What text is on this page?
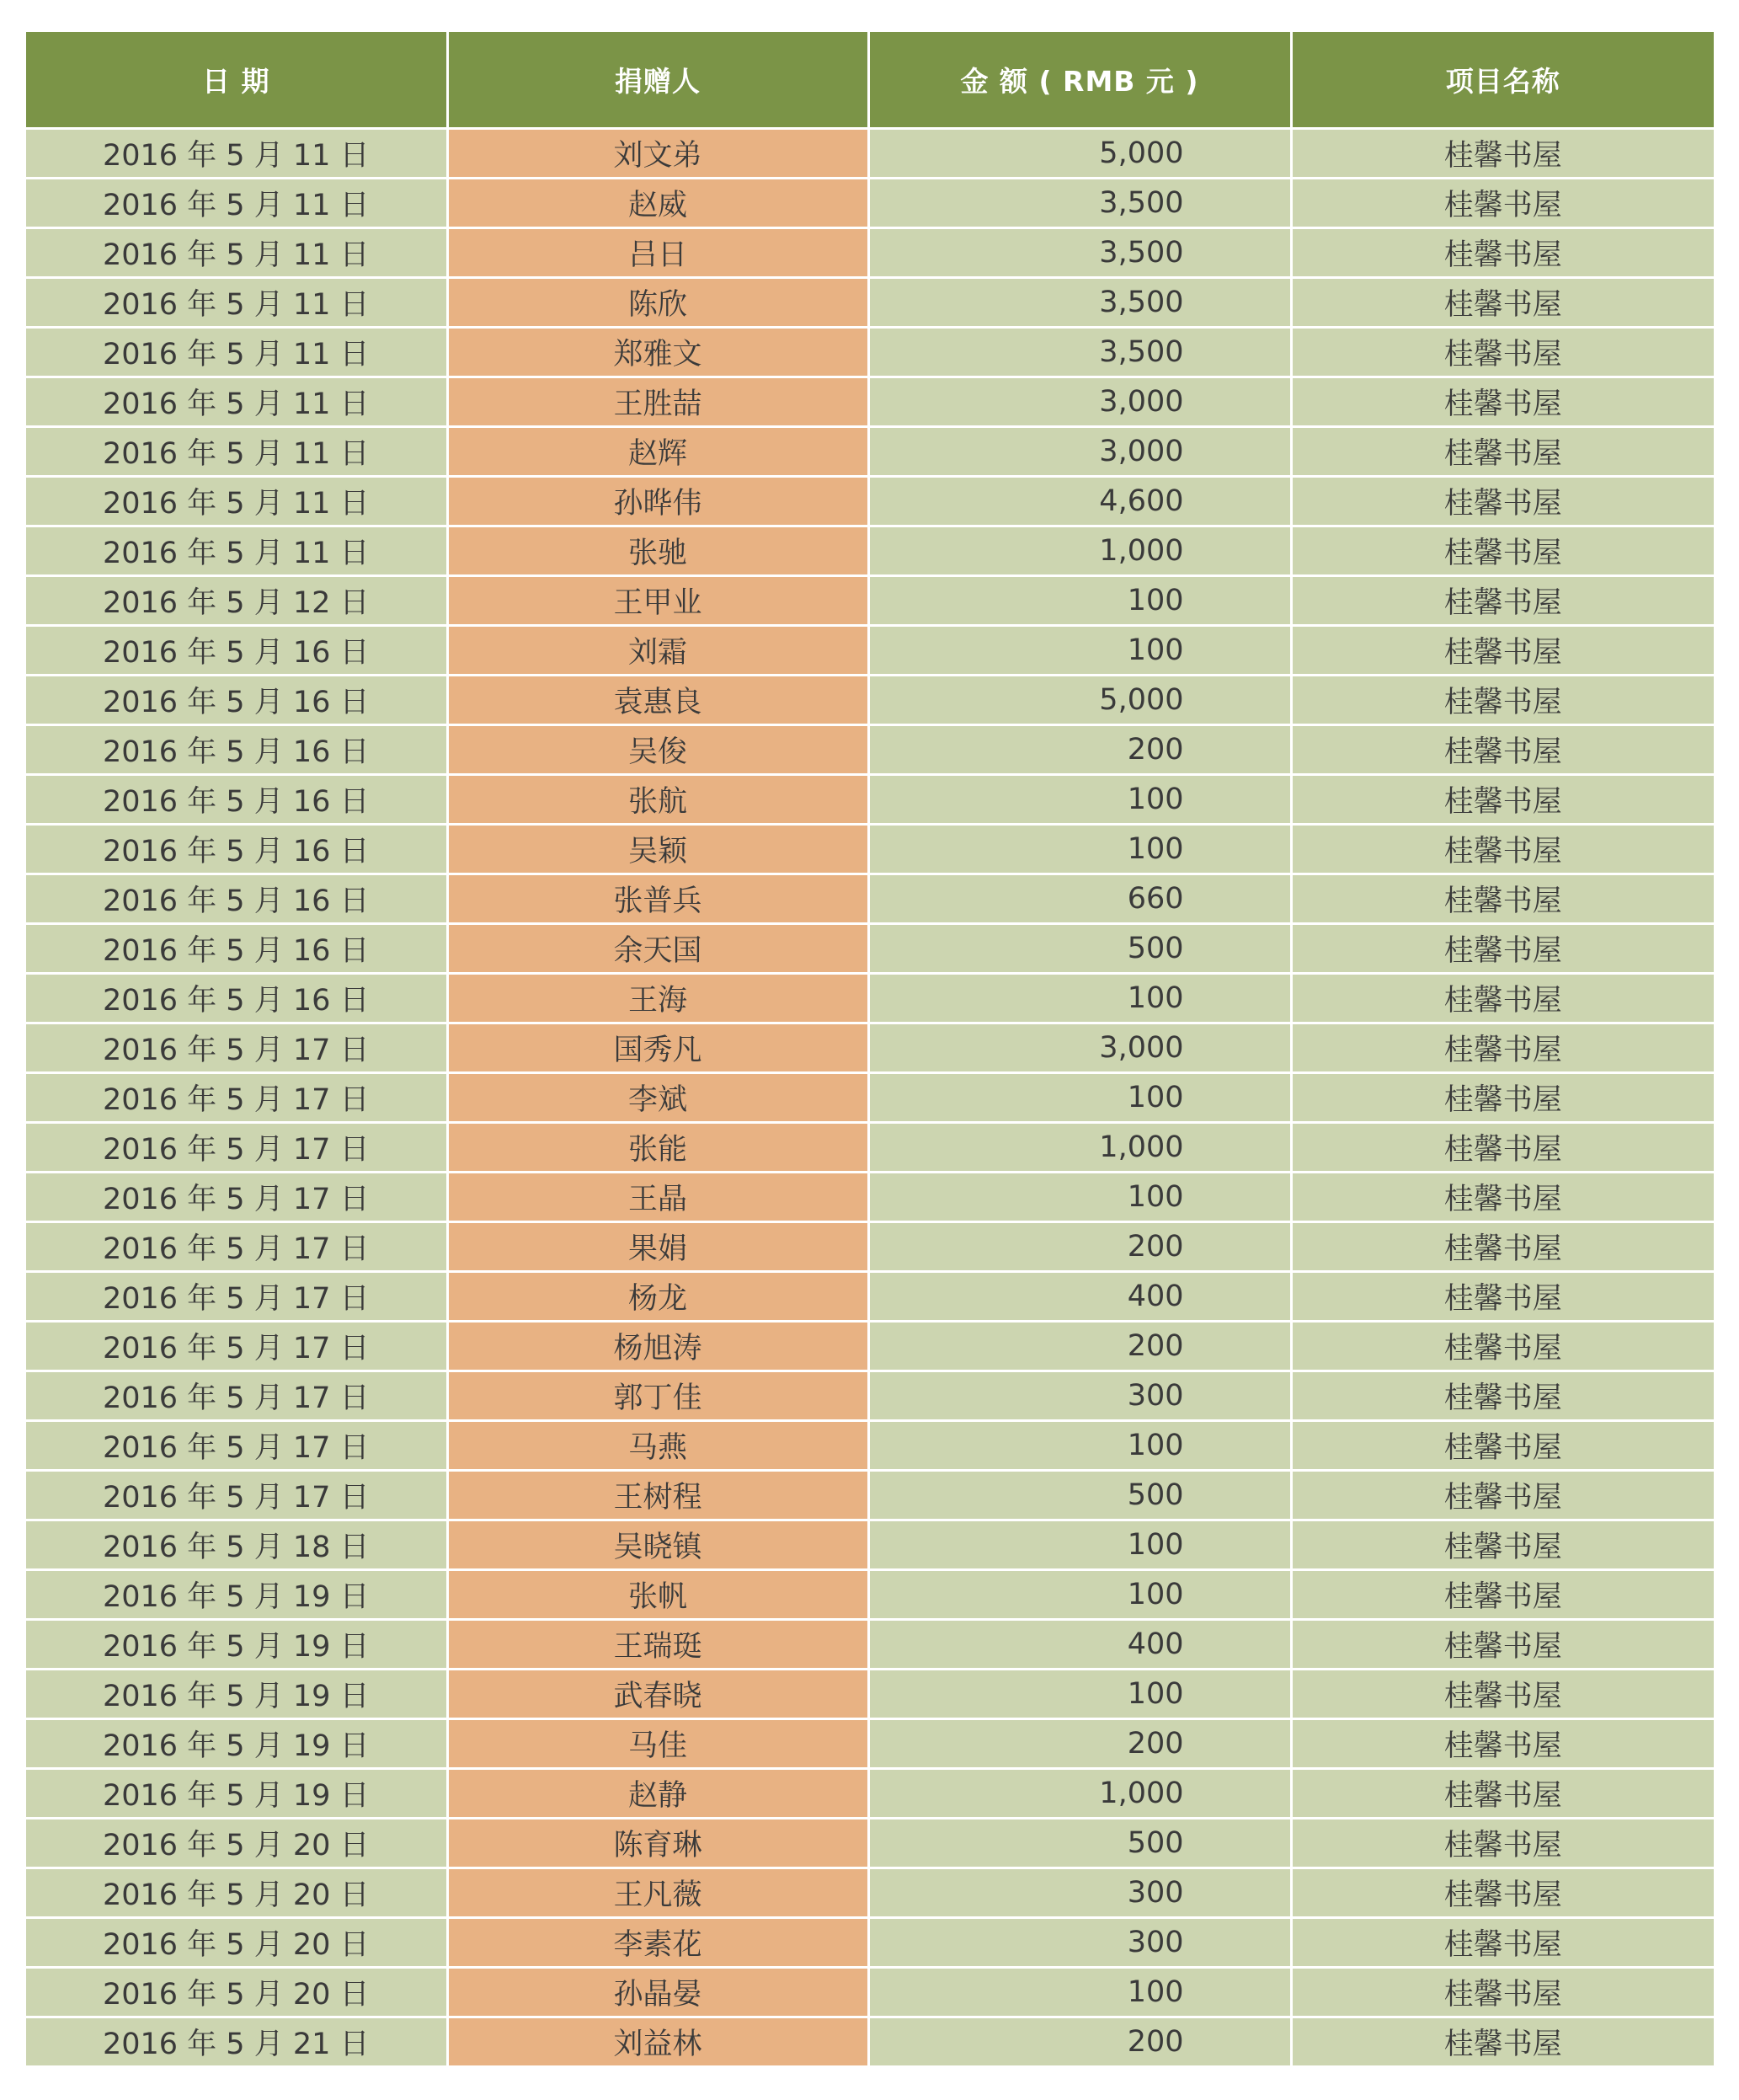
日 期	捐赠人	金 额 ( RMB 元 )	项目名称
2016 年 5 月 11 日	刘文弟	5,000	桂馨书屋
2016 年 5 月 11 日	赵威	3,500	桂馨书屋
2016 年 5 月 11 日	吕日	3,500	桂馨书屋
2016 年 5 月 11 日	陈欣	3,500	桂馨书屋
2016 年 5 月 11 日	郑雅文	3,500	桂馨书屋
2016 年 5 月 11 日	王胜喆	3,000	桂馨书屋
2016 年 5 月 11 日	赵辉	3,000	桂馨书屋
2016 年 5 月 11 日	孙晔伟	4,600	桂馨书屋
2016 年 5 月 11 日	张驰	1,000	桂馨书屋
2016 年 5 月 12 日	王甲业	100	桂馨书屋
2016 年 5 月 16 日	刘霜	100	桂馨书屋
2016 年 5 月 16 日	袁惠良	5,000	桂馨书屋
2016 年 5 月 16 日	吴俊	200	桂馨书屋
2016 年 5 月 16 日	张航	100	桂馨书屋
2016 年 5 月 16 日	吴颖	100	桂馨书屋
2016 年 5 月 16 日	张普兵	660	桂馨书屋
2016 年 5 月 16 日	余天国	500	桂馨书屋
2016 年 5 月 16 日	王海	100	桂馨书屋
2016 年 5 月 17 日	国秀凡	3,000	桂馨书屋
2016 年 5 月 17 日	李斌	100	桂馨书屋
2016 年 5 月 17 日	张能	1,000	桂馨书屋
2016 年 5 月 17 日	王晶	100	桂馨书屋
2016 年 5 月 17 日	果娟	200	桂馨书屋
2016 年 5 月 17 日	杨龙	400	桂馨书屋
2016 年 5 月 17 日	杨旭涛	200	桂馨书屋
2016 年 5 月 17 日	郭丁佳	300	桂馨书屋
2016 年 5 月 17 日	马燕	100	桂馨书屋
2016 年 5 月 17 日	王树程	500	桂馨书屋
2016 年 5 月 18 日	吴晓镇	100	桂馨书屋
2016 年 5 月 19 日	张帆	100	桂馨书屋
2016 年 5 月 19 日	王瑞珽	400	桂馨书屋
2016 年 5 月 19 日	武春晓	100	桂馨书屋
2016 年 5 月 19 日	马佳	200	桂馨书屋
2016 年 5 月 19 日	赵静	1,000	桂馨书屋
2016 年 5 月 20 日	陈育琳	500	桂馨书屋
2016 年 5 月 20 日	王凡薇	300	桂馨书屋
2016 年 5 月 20 日	李素花	300	桂馨书屋
2016 年 5 月 20 日	孙晶晏	100	桂馨书屋
2016 年 5 月 21 日	刘益林	200	桂馨书屋
